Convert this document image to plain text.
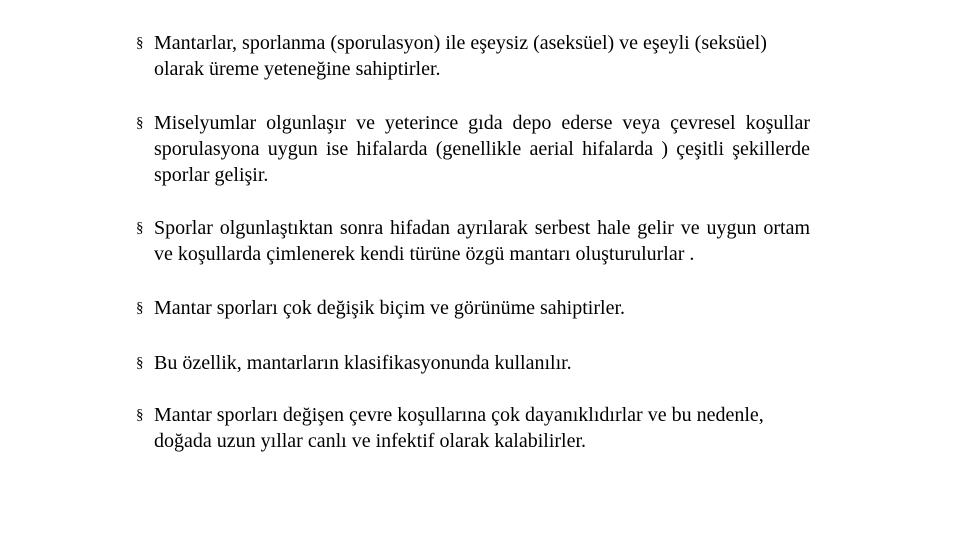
§ Mantarlar, sporlanma (sporulasyon) ile eşeysiz (aseksüel) ve eşeyli (seksüel) olarak üreme yeteneğine sahiptirler.
§ Miselyumlar olgunlaşır ve yeterince gıda depo ederse veya çevresel koşullar sporulasyona uygun ise hifalarda (genellikle aerial hifalarda ) çeşitli şekillerde sporlar gelişir.
§ Sporlar olgunlaştıktan sonra hifadan ayrılarak serbest hale gelir ve uygun ortam ve koşullarda çimlenerek kendi türüne özgü mantarı oluşturulurlar .
§ Mantar sporları çok değişik biçim ve görünüme sahiptirler.
§ Bu özellik, mantarların klasifikasyonunda kullanılır.
§ Mantar sporları değişen çevre koşullarına çok dayanıklıdırlar ve bu nedenle, doğada uzun yıllar canlı ve infektif olarak kalabilirler.
